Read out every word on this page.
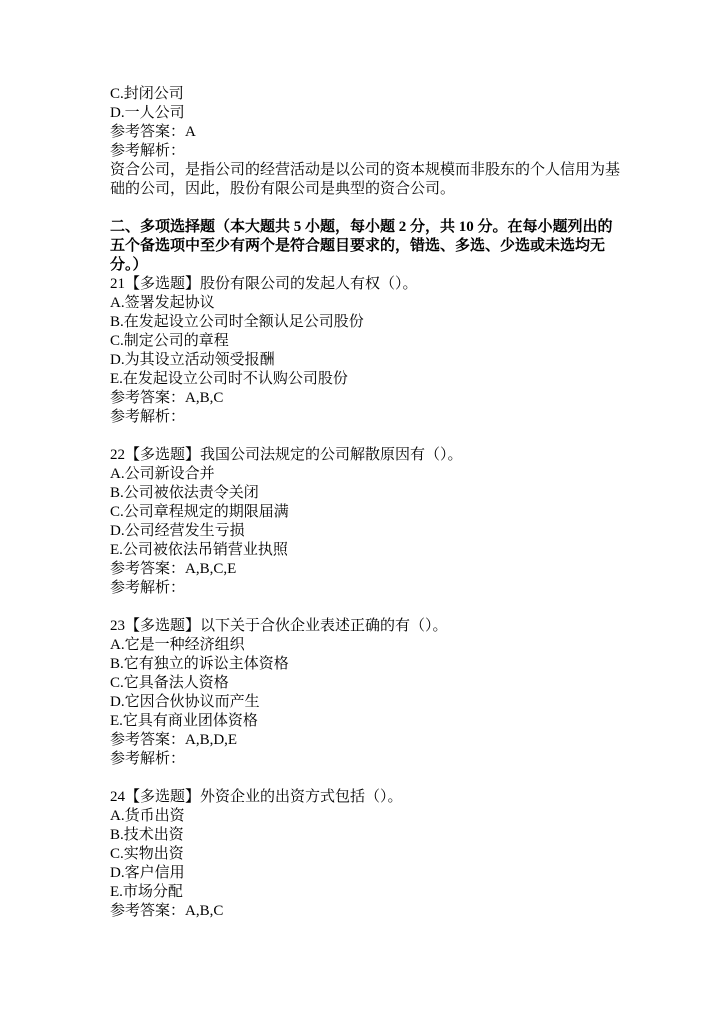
C.封闭公司
D.一人公司
参考答案：A
参考解析：
资合公司，是指公司的经营活动是以公司的资本规模而非股东的个人信用为基
础的公司，因此，股份有限公司是典型的资合公司。
二、多项选择题（本大题共 5 小题，每小题 2 分，共 10 分。在每小题列出的
五个备选项中至少有两个是符合题目要求的，错选、多选、少选或未选均无
分。）
21【多选题】股份有限公司的发起人有权（）。
A.签署发起协议
B.在发起设立公司时全额认足公司股份
C.制定公司的章程
D.为其设立活动领受报酬
E.在发起设立公司时不认购公司股份
参考答案：A,B,C
参考解析：
22【多选题】我国公司法规定的公司解散原因有（）。
A.公司新设合并
B.公司被依法责令关闭
C.公司章程规定的期限届满
D.公司经营发生亏损
E.公司被依法吊销营业执照
参考答案：A,B,C,E
参考解析：
23【多选题】以下关于合伙企业表述正确的有（）。
A.它是一种经济组织
B.它有独立的诉讼主体资格
C.它具备法人资格
D.它因合伙协议而产生
E.它具有商业团体资格
参考答案：A,B,D,E
参考解析：
24【多选题】外资企业的出资方式包括（）。
A.货币出资
B.技术出资
C.实物出资
D.客户信用
E.市场分配
参考答案：A,B,C
